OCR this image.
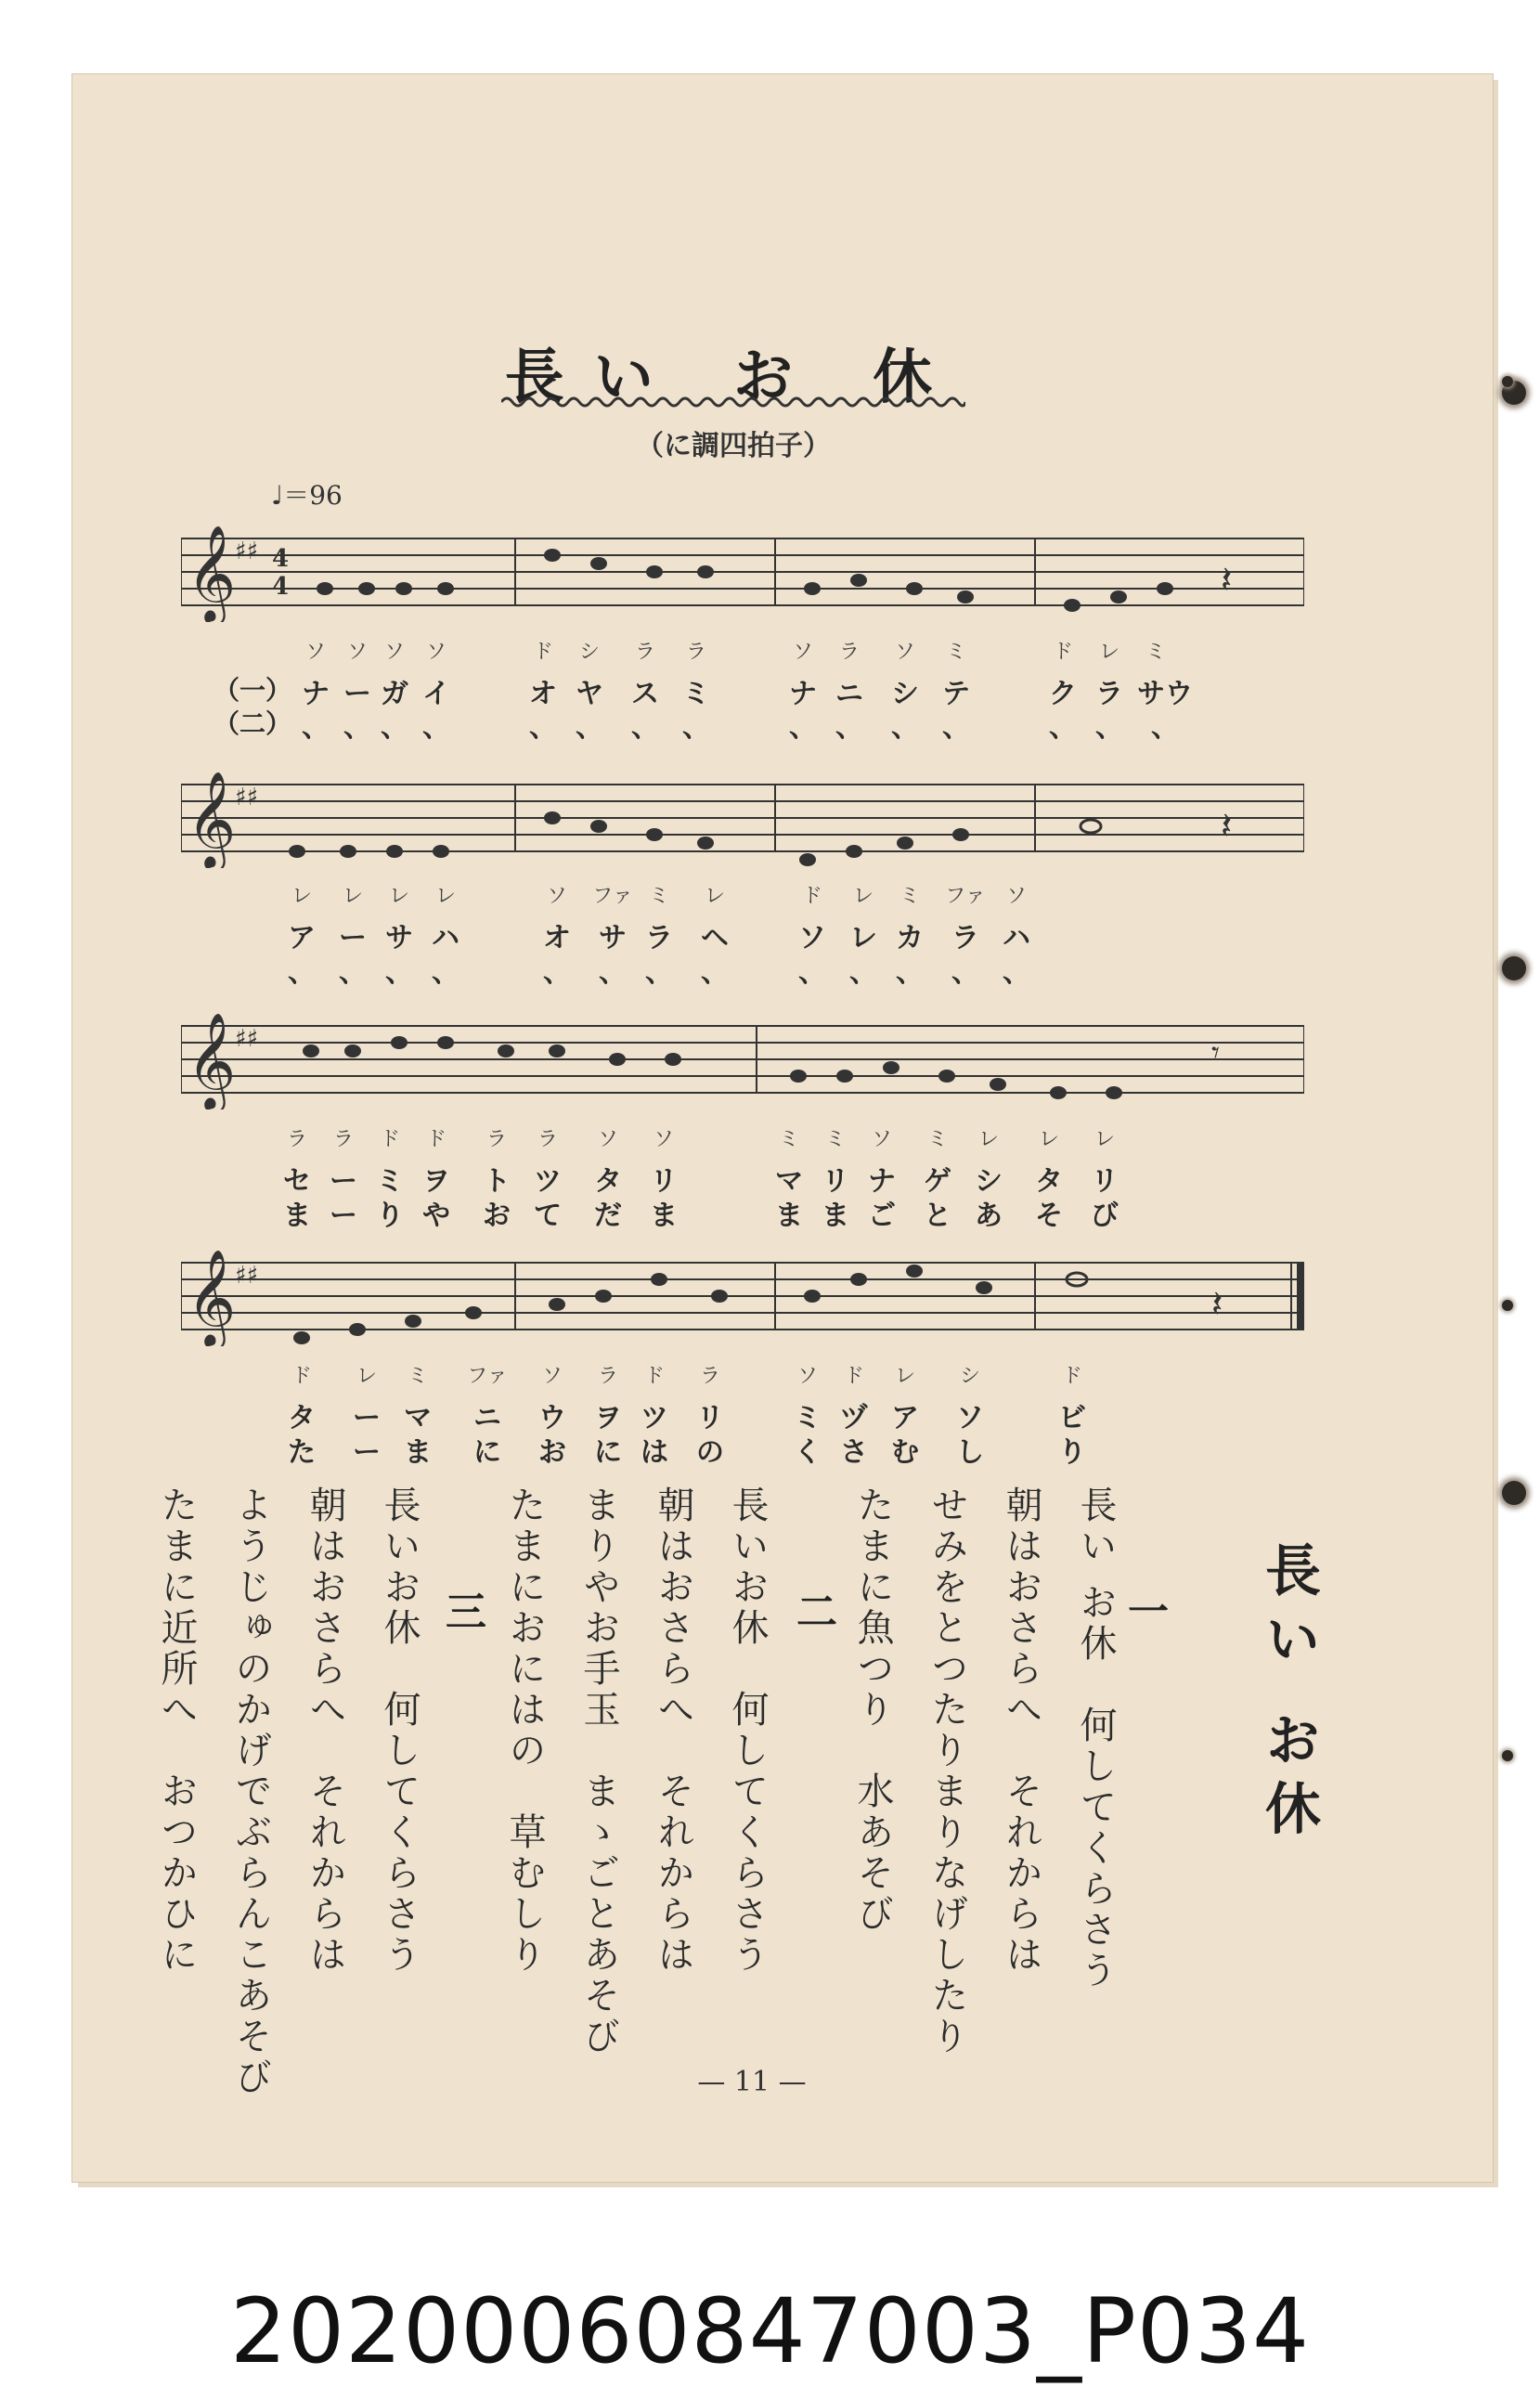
長い お 休
（に調四拍子）
♩＝96
𝄞
♯♯ 4
4	𝄽
ソ ソ ソ ソ	ド シ ラ ラ	ソ ラ ソ ミ	ド レ ミ
（一）
（二）
ナ ー ガ イ	オ ヤ ス ミ	ナ ニ シ テ	ク ラ サウ
、 、 、 、	、 、 、 、	、 、 、 、	、 、 、
𝄞
♯♯
𝄽
レ レ レ レ	ソ ファ ミ レ	ド レ ミ ファ ソ
ア ー サ ハ	オ サ ラ ヘ	ソ レ カ ラ ハ
、 、 、 、	、 、 、 、	、 、 、 、 、
𝄞
♯♯	𝄾
ラ ラ ド ド ラ ラ ソ ソ	ミ ミ ソ ミ レ レ レ
セ ー ミ ヲ ト ツ タ リ	マ リ ナ ゲ シ タ リ
ま ー り や お て だ ま	ま ま ご と あ そ び
𝄞
♯♯
𝄽
ド レ ミ ファ ソ ラ ド ラ	ソ ド レ シ	ド
タ ー マ ニ ウ ヲ ツ リ	ミ ヅ ア ソ	ビ
た ー ま に お に は の	く さ む し	り
長い お休
一
長い お休　何してくらさう
朝はおさらへ　それからは
せみをとつたりまりなげしたり
たまに魚つり　水あそび
二
長いお休　何してくらさう
朝はおさらへ　それからは
まりやお手玉　まゝごとあそび
たまにおにはの　草むしり
三
長いお休　何してくらさう
朝はおさらへ　それからは
ようじゅのかげでぶらんこあそび
たまに近所へ　おつかひに
— 11 —
20200060847003_P034
